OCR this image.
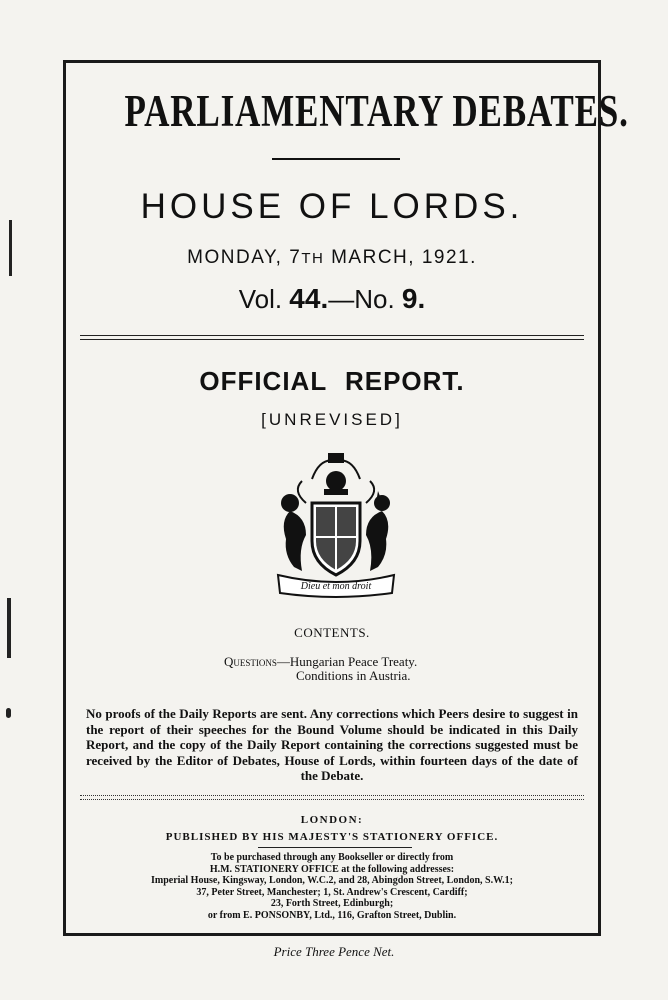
PARLIAMENTARY DEBATES.
HOUSE OF LORDS.
MONDAY, 7TH MARCH, 1921.
Vol. 44.—No. 9.
OFFICIAL REPORT.
[UNREVISED]
Dieu et mon droit
CONTENTS.
Questions—Hungarian Peace Treaty.
Conditions in Austria.
No proofs of the Daily Reports are sent. Any corrections which Peers desire to suggest in the report of their speeches for the Bound Volume should be indicated in this Daily Report, and the copy of the Daily Report containing the corrections suggested must be received by the Editor of Debates, House of Lords, within fourteen days of the date of the Debate.
LONDON:
PUBLISHED BY HIS MAJESTY'S STATIONERY OFFICE.
To be purchased through any Bookseller or directly from
H.M. STATIONERY OFFICE at the following addresses:
Imperial House, Kingsway, London, W.C.2, and 28, Abingdon Street, London, S.W.1;
37, Peter Street, Manchester; 1, St. Andrew's Crescent, Cardiff;
23, Forth Street, Edinburgh;
or from E. PONSONBY, Ltd., 116, Grafton Street, Dublin.
Price Three Pence Net.
